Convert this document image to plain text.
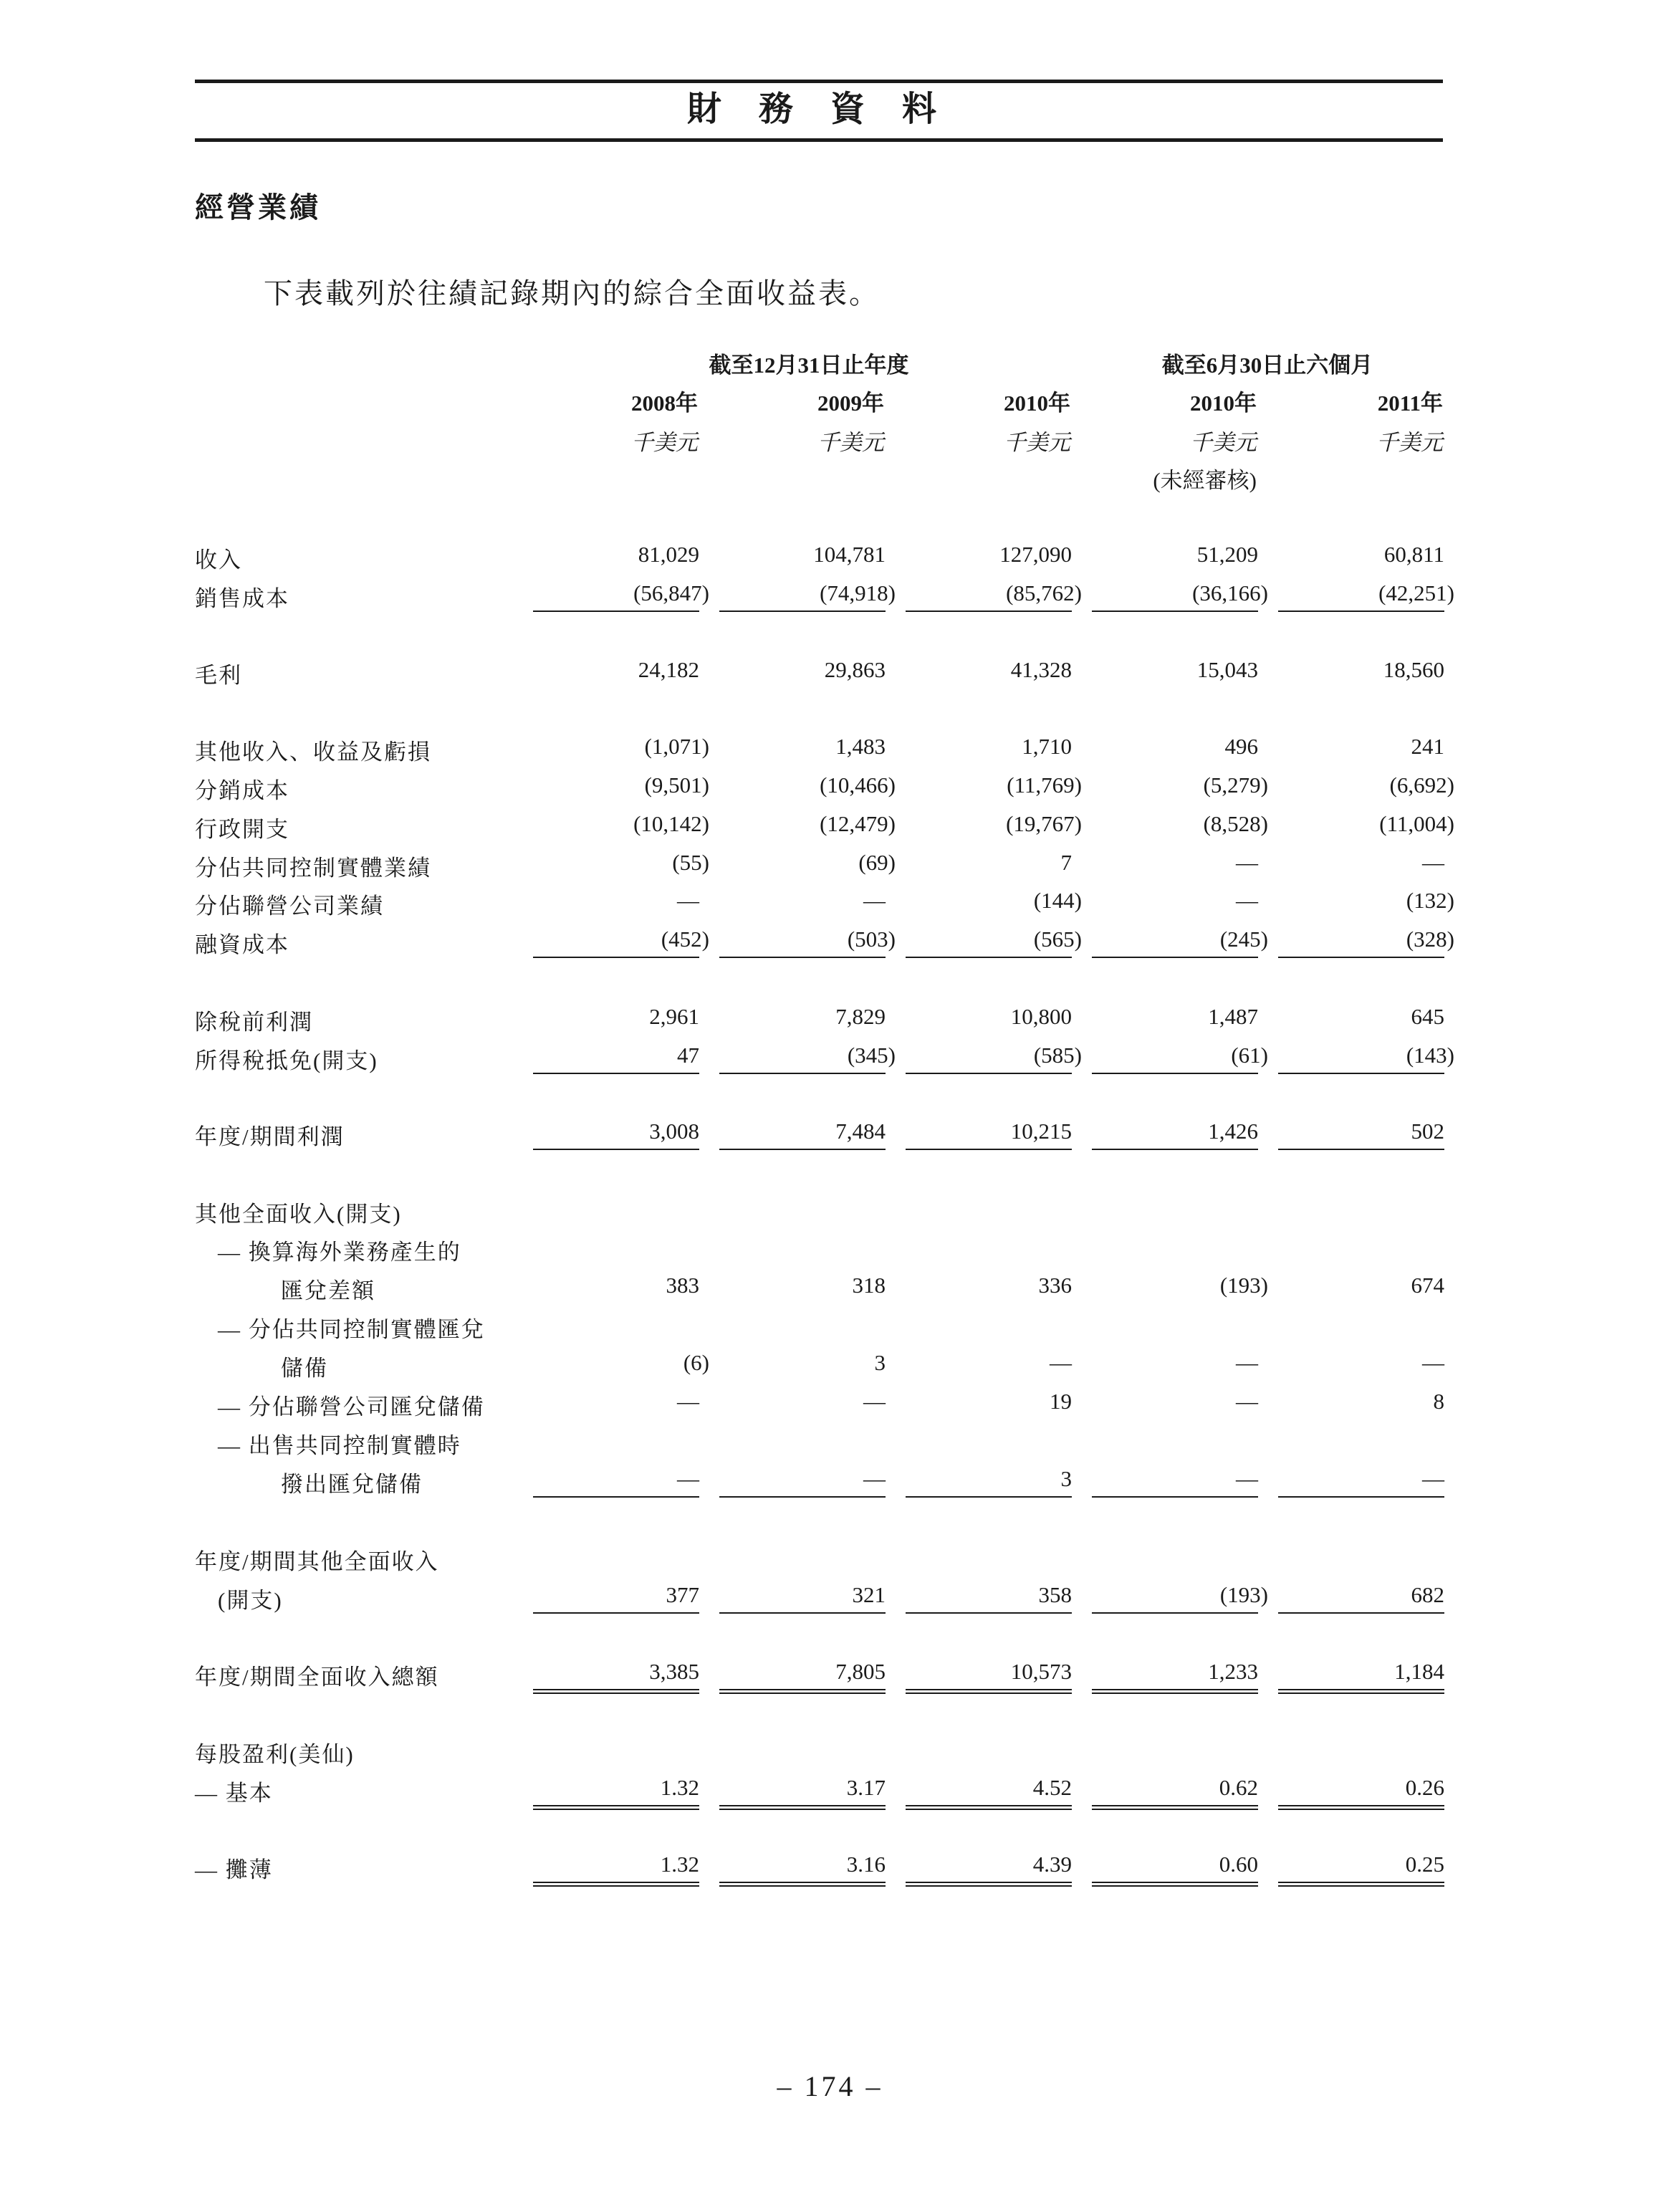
財 務 資 料
經營業績
下表載列於往績記錄期內的綜合全面收益表。
截至12月31日止年度	截至6月30日止六個月
2008年	2009年	2010年	2010年	2011年
千美元	千美元	千美元	千美元	千美元
(未經審核)
收入	81,029	104,781	127,090	51,209	60,811
銷售成本	(56,847)	(74,918)	(85,762)	(36,166)	(42,251)
毛利	24,182	29,863	41,328	15,043	18,560
其他收入、收益及虧損	(1,071)	1,483	1,710	496	241
分銷成本	(9,501)	(10,466)	(11,769)	(5,279)	(6,692)
行政開支	(10,142)	(12,479)	(19,767)	(8,528)	(11,004)
分佔共同控制實體業績	(55)	(69)	7	—	—
分佔聯營公司業績	—	—	(144)	—	(132)
融資成本	(452)	(503)	(565)	(245)	(328)
除稅前利潤	2,961	7,829	10,800	1,487	645
所得稅抵免(開支)	47	(345)	(585)	(61)	(143)
年度/期間利潤	3,008	7,484	10,215	1,426	502
其他全面收入(開支)
— 換算海外業務產生的
匯兌差額	383	318	336	(193)	674
— 分佔共同控制實體匯兌
儲備	(6)	3	—	—	—
— 分佔聯營公司匯兌儲備	—	—	19	—	8
— 出售共同控制實體時
撥出匯兌儲備	—	—	3	—	—
年度/期間其他全面收入
(開支)	377	321	358	(193)	682
年度/期間全面收入總額	3,385	7,805	10,573	1,233	1,184
每股盈利(美仙)
— 基本	1.32	3.17	4.52	0.62	0.26
— 攤薄	1.32	3.16	4.39	0.60	0.25
– 174 –
